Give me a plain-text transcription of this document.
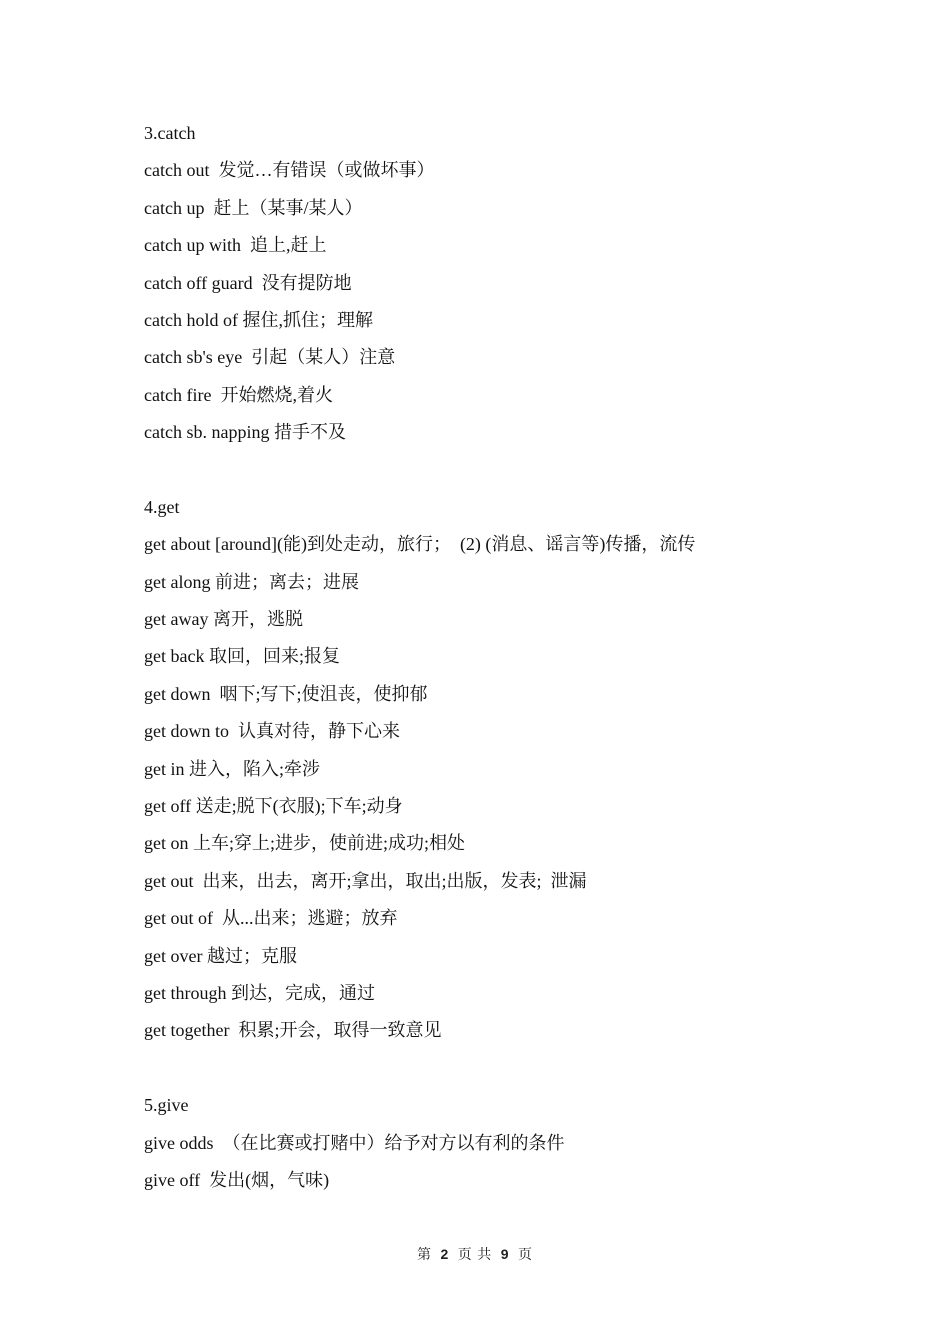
3.catch
catch out  发觉…有错误（或做坏事）
catch up  赶上（某事/某人）
catch up with  追上,赶上
catch off guard  没有提防地
catch hold of 握住,抓住；理解
catch sb's eye  引起（某人）注意
catch fire  开始燃烧,着火
catch sb. napping 措手不及
4.get
get about [around](能)到处走动，旅行；  (2) (消息、谣言等)传播，流传
get along 前进；离去；进展
get away 离开，逃脱
get back 取回，回来;报复
get down  咽下;写下;使沮丧，使抑郁
get down to  认真对待，静下心来
get in 进入，陷入;牵涉
get off 送走;脱下(衣服);下车;动身
get on 上车;穿上;进步，使前进;成功;相处
get out  出来，出去，离开;拿出，取出;出版，发表;  泄漏
get out of  从...出来；逃避；放弃
get over 越过；克服
get through 到达，完成，通过
get together  积累;开会，取得一致意见
5.give
give odds  （在比赛或打赌中）给予对方以有利的条件
give off  发出(烟，气味)
第 2 页 共 9 页
